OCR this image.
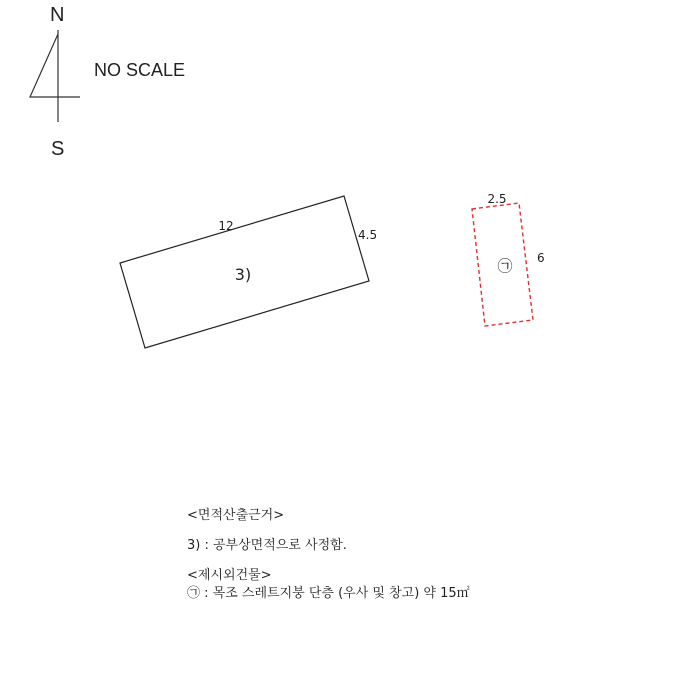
12
4.5
3)
2.5
6
㉠
N
S
NO SCALE
<면적산출근거>
3) : 공부상면적으로 사정함.
<제시외건물>
㉠ : 목조 스레트지붕 단층 (우사 및 창고) 약 15㎡
